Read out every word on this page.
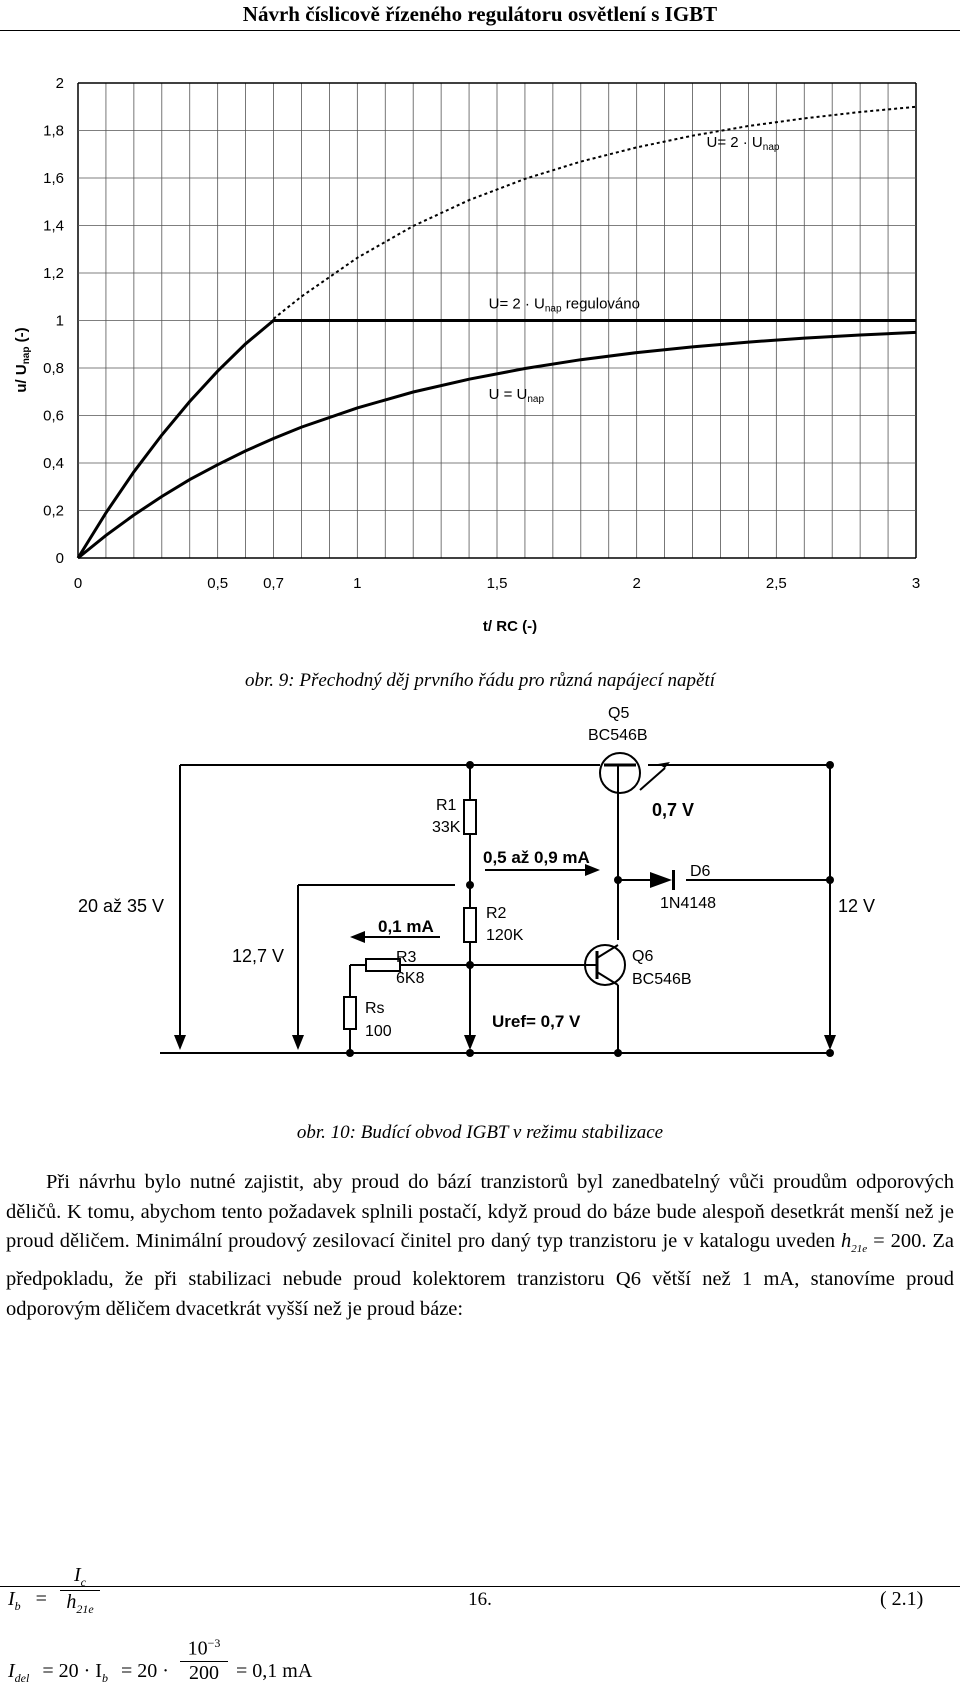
Návrh číslicově řízeného regulátoru osvětlení s IGBT
0	0,5 0,7	1	1,5	2	2,5	3
0
0,2
0,4
0,6
0,8
1
1,2
1,4
1,6
1,8
2
$U= 2 \cdot U_{nap}$
$U= 2 \cdot U_{nap}$ regulováno
$U = U_{nap}$
t/ RC (-)
u/ $U_{nap}$ (-)
obr. 9: Přechodný děj prvního řádu pro různá napájecí napětí
Q5
BC546B
0,7 V
R1
33K
0,5 až 0,9 mA
D6
1N4148
20 až 35 V	12 V
R2
120K
0,1 mA
Q6
BC546B
12,7 V	R3
6K8
Rs
100
Uref= 0,7 V
obr. 10: Budící obvod IGBT v režimu stabilizace

Při návrhu bylo nutné zajistit, aby proud do bází tranzistorů byl zanedbatelný vůči proudům odporových děličů. K tomu, abychom tento požadavek splnili postačí, když proud do báze bude alespoň desetkrát menší než je proud děličem. Minimální proudový zesilovací činitel pro daný typ tranzistoru je v katalogu uveden $h_{21e} = 200$. Za předpokladu, že při stabilizaci nebude proud kolektorem tranzistoru Q6 větší než 1 mA, stanovíme proud odporovým děličem dvacetkrát vyšší než je proud báze:

$I_b$ =
$I_c$
$h_{21e}$	( 2.1)
$I_{del} = 20 \cdot I_b = 20$ ·
$10^{-3}$
200 = 0,1 mA
16.
